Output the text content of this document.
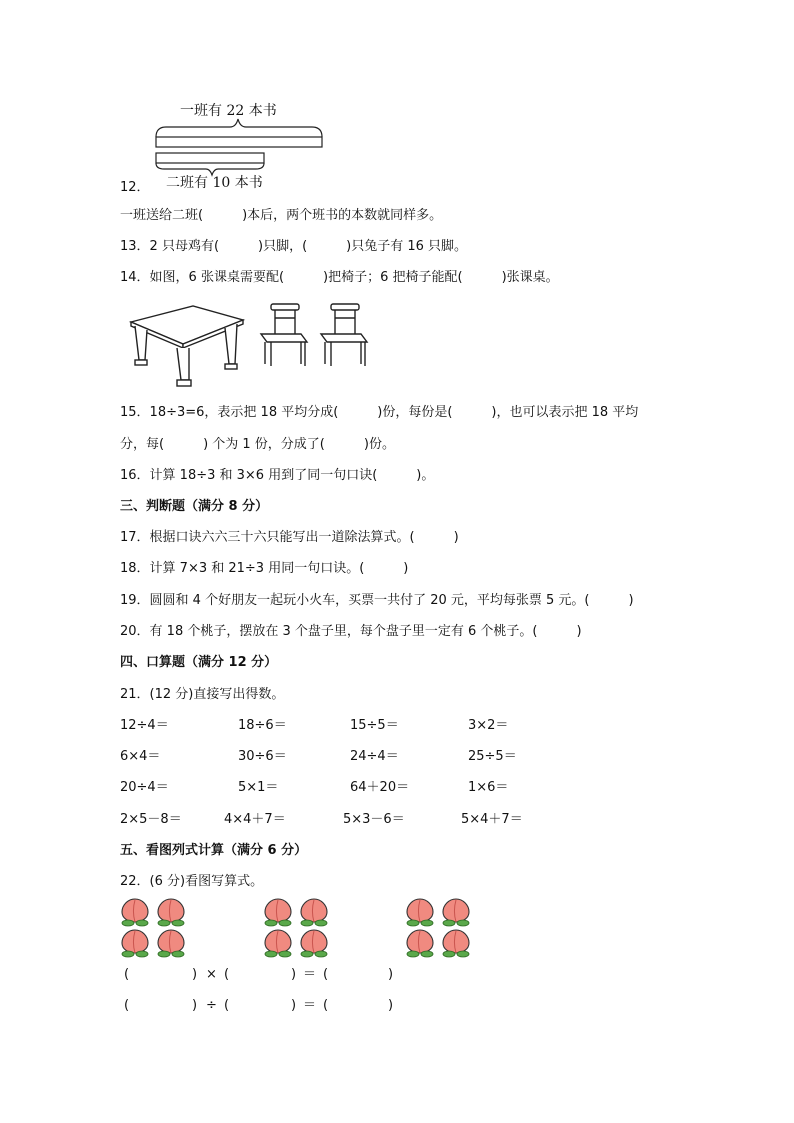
一班有 22 本书
二班有 10 本书
12．
一班送给二班(　　　)本后，两个班书的本数就同样多。
13．2 只母鸡有(　　　)只脚，(　　　)只兔子有 16 只脚。
14．如图，6 张课桌需要配(　　　)把椅子；6 把椅子能配(　　　)张课桌。
15．18÷3=6，表示把 18 平均分成(　　　)份，每份是(　　　)，也可以表示把 18 平均
分，每(　　　) 个为 1 份，分成了(　　　)份。
16．计算 18÷3 和 3×6 用到了同一句口诀(　　　)。
三、判断题（满分 8 分）
17．根据口诀六六三十六只能写出一道除法算式。(　　　)
18．计算 7×3 和 21÷3 用同一句口诀。(　　　)
19．圆圆和 4 个好朋友一起玩小火车，买票一共付了 20 元，平均每张票 5 元。(　　　)
20．有 18 个桃子，摆放在 3 个盘子里，每个盘子里一定有 6 个桃子。(　　　)
四、口算题（满分 12 分）
21．(12 分)直接写出得数。
12÷4＝	18÷6＝	15÷5＝	3×2＝
6×4＝	30÷6＝	24÷4＝	25÷5＝
20÷4＝	5×1＝	64＋20＝	1×6＝
2×5－8＝	4×4＋7＝	5×3－6＝	5×4＋7＝
五、看图列式计算（满分 6 分）
22．(6 分)看图写算式。
(	) × (	) ＝ (	)
(	) ÷ (	) ＝ (	)
